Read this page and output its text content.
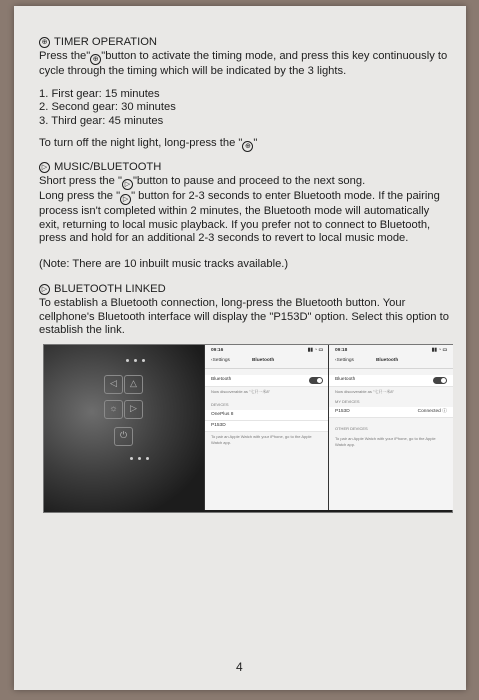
⊕ TIMER OPERATION

Press the" ⊕ "button to activate the timing mode, and press this key continuously to cycle through the timing which will be indicated by the 3 lights.

1. First gear: 15 minutes
2. Second gear: 30 minutes
3. Third gear: 45 minutes

To turn off the night light, long-press the " ⊕ "

▷ MUSIC/BLUETOOTH

Short press the " ▷ "button to pause and proceed to the next song.

Long press the " ▷ " button for 2-3 seconds to enter Bluetooth mode. If the pairing process isn't completed within 2 minutes, the Bluetooth mode will automatically exit, returning to local music playback. If you prefer not to connect to Bluetooth, press and hold for an additional 2-3 seconds to revert to local music mode.

(Note: There are 10 inbuilt music tracks available.)

▷ BLUETOOTH LINKED

To establish a Bluetooth connection, long-press the Bluetooth button. Your cellphone's Bluetooth interface will display the "P153D" option. Select this option to establish the link.

◁	△
☼	▷
⏻
09:16	▮▮ ◔ ▭
‹ Settings	Bluetooth
Bluetooth
Now discoverable as "七只一米8"
DEVICES
OnePlus 8
P153D
To pair an Apple Watch with your iPhone, go to the Apple Watch app.
09:18	▮▮ ◔ ▭
‹ Settings	Bluetooth
Bluetooth
Now discoverable as "七只一米8"
MY DEVICES
P153D	Connected ⓘ
OTHER DEVICES
To pair an Apple Watch with your iPhone, go to the Apple Watch app.
4
